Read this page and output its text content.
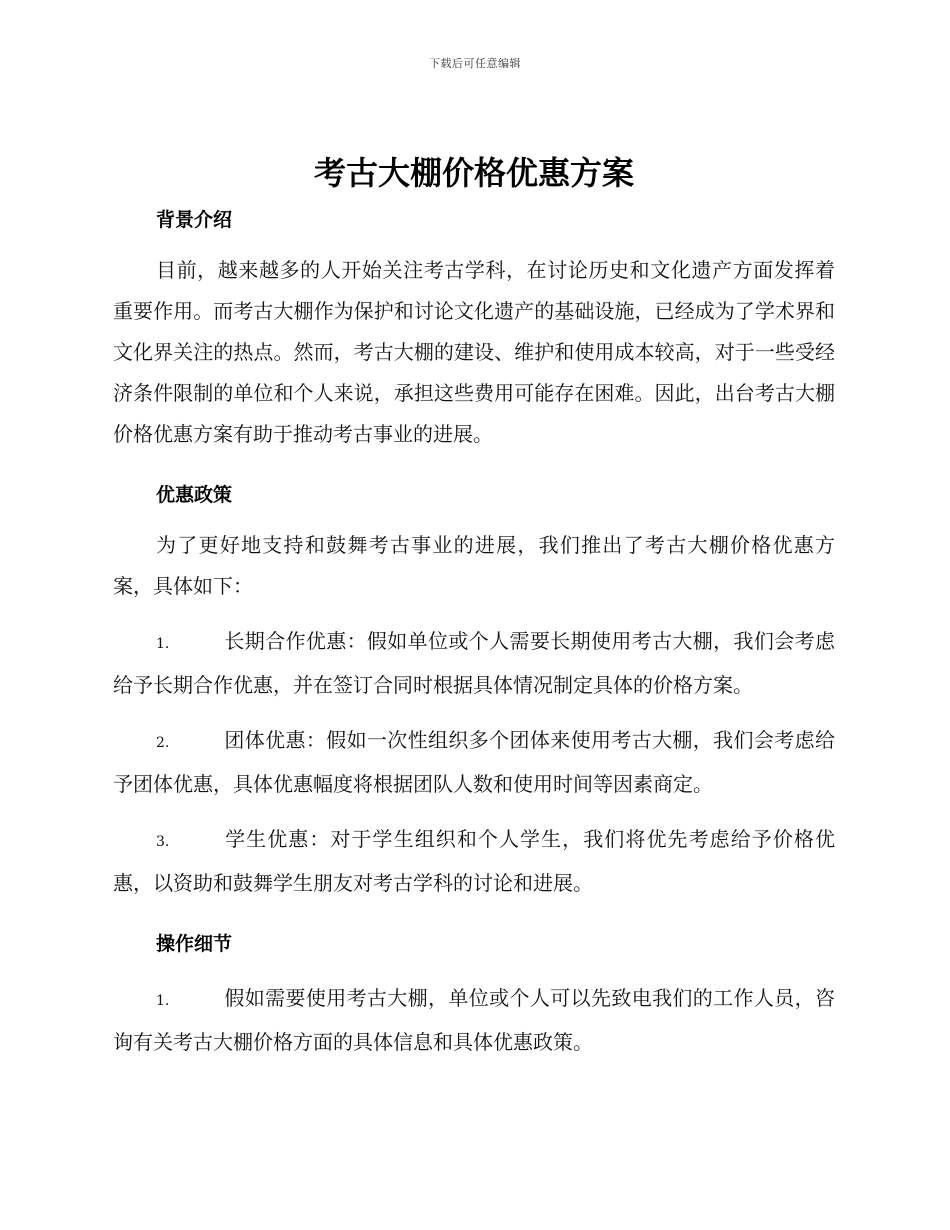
下载后可任意编辑
考古大棚价格优惠方案
背景介绍

目前，越来越多的人开始关注考古学科，在讨论历史和文化遗产方面发挥着重要作用。而考古大棚作为保护和讨论文化遗产的基础设施，已经成为了学术界和文化界关注的热点。然而，考古大棚的建设、维护和使用成本较高，对于一些受经济条件限制的单位和个人来说，承担这些费用可能存在困难。因此，出台考古大棚价格优惠方案有助于推动考古事业的进展。

优惠政策

为了更好地支持和鼓舞考古事业的进展，我们推出了考古大棚价格优惠方案，具体如下：

1.	长期合作优惠：假如单位或个人需要长期使用考古大棚，我们会考虑给予长期合作优惠，并在签订合同时根据具体情况制定具体的价格方案。

2.	团体优惠：假如一次性组织多个团体来使用考古大棚，我们会考虑给予团体优惠，具体优惠幅度将根据团队人数和使用时间等因素商定。

3.	学生优惠：对于学生组织和个人学生，我们将优先考虑给予价格优惠，以资助和鼓舞学生朋友对考古学科的讨论和进展。

操作细节

1.	假如需要使用考古大棚，单位或个人可以先致电我们的工作人员，咨询有关考古大棚价格方面的具体信息和具体优惠政策。
